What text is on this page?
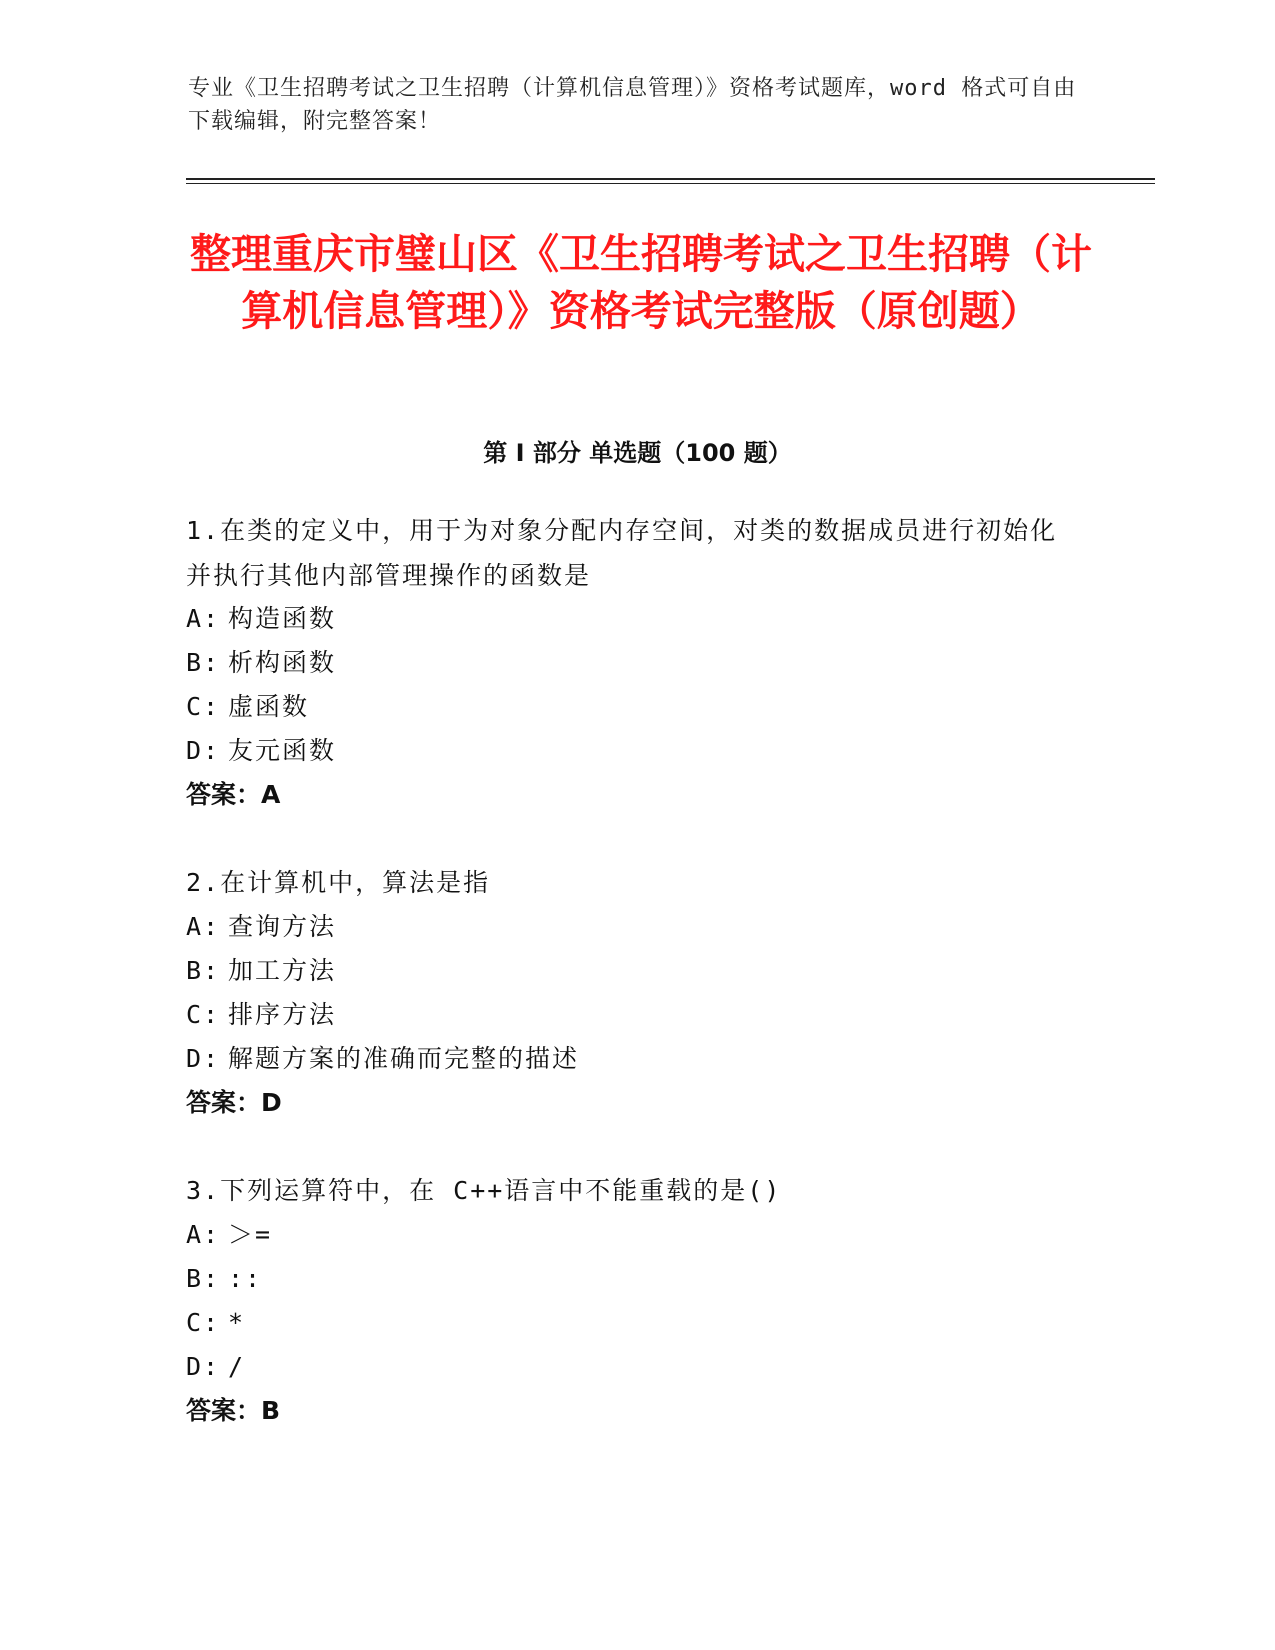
专业《卫生招聘考试之卫生招聘（计算机信息管理）》资格考试题库，word 格式可自由下载编辑，附完整答案！
整理重庆市璧山区《卫生招聘考试之卫生招聘（计算机信息管理）》资格考试完整版（原创题）
第 I 部分 单选题（100 题）
1.在类的定义中，用于为对象分配内存空间，对类的数据成员进行初始化并执行其他内部管理操作的函数是
A: 构造函数
B: 析构函数
C: 虚函数
D: 友元函数
答案：A
2.在计算机中，算法是指
A: 查询方法
B: 加工方法
C: 排序方法
D: 解题方案的准确而完整的描述
答案：D
3.下列运算符中，在 C++语言中不能重载的是()
A: ＞=
B: ::
C: *
D: /
答案：B
